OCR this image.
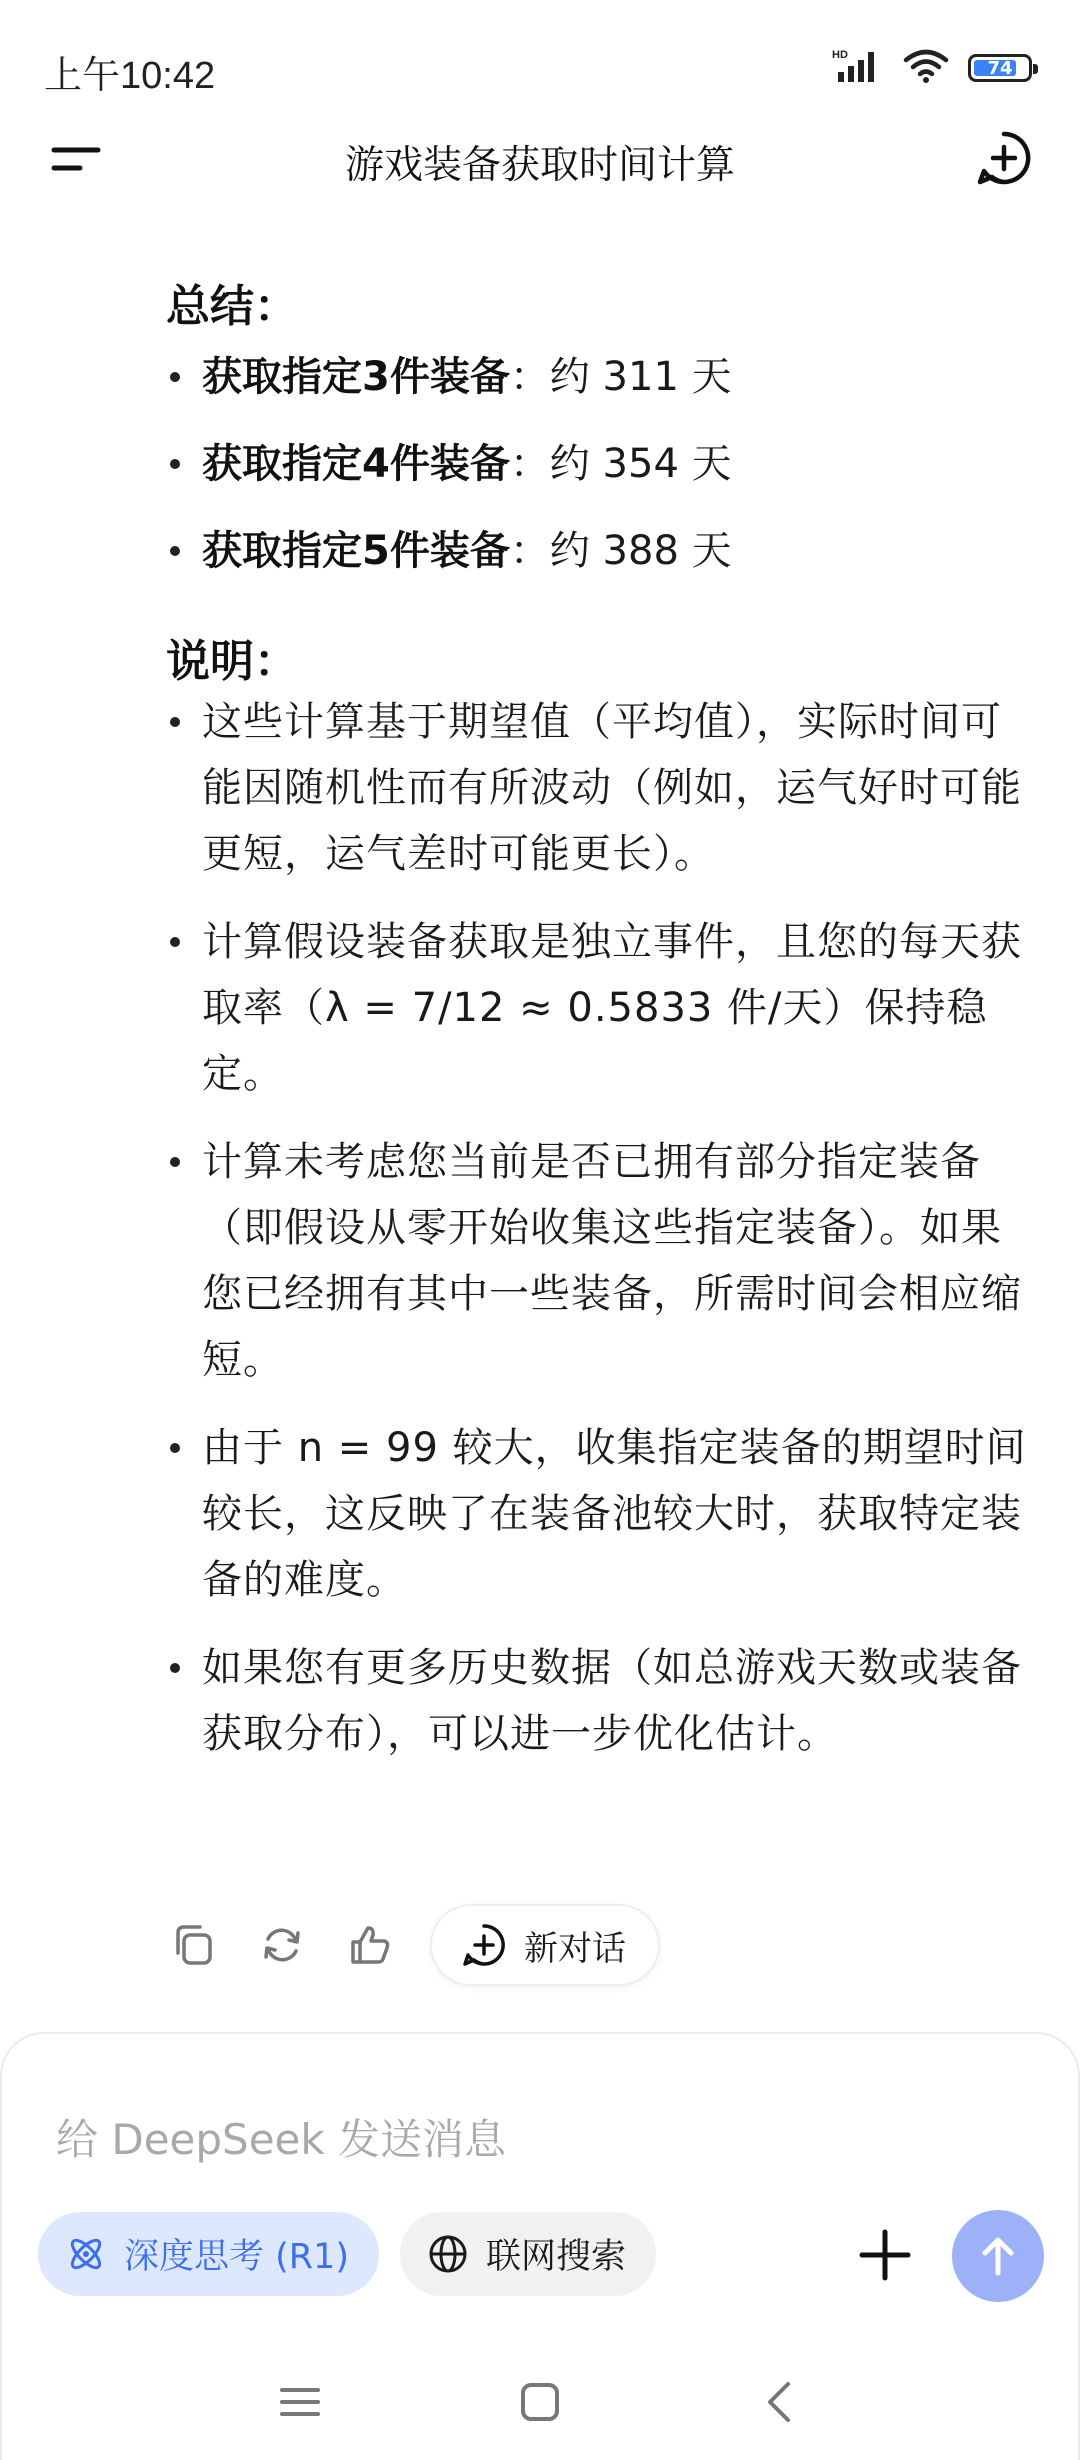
上午10:42	HD
74
游戏装备获取时间计算
总结：
获取指定3件装备：约 311 天
获取指定4件装备：约 354 天
获取指定5件装备：约 388 天
说明：
这些计算基于期望值（平均值），实际时间可能因随机性而有所波动（例如，运气好时可能更短，运气差时可能更长）。
计算假设装备获取是独立事件，且您的每天获取率（λ = 7/12 ≈ 0.5833 件/天）保持稳定。
计算未考虑您当前是否已拥有部分指定装备（即假设从零开始收集这些指定装备）。如果您已经拥有其中一些装备，所需时间会相应缩短。
由于 n = 99 较大，收集指定装备的期望时间较长，这反映了在装备池较大时，获取特定装备的难度。
如果您有更多历史数据（如总游戏天数或装备获取分布），可以进一步优化估计。
新对话
给 DeepSeek 发送消息
深度思考 (R1)	联网搜索
